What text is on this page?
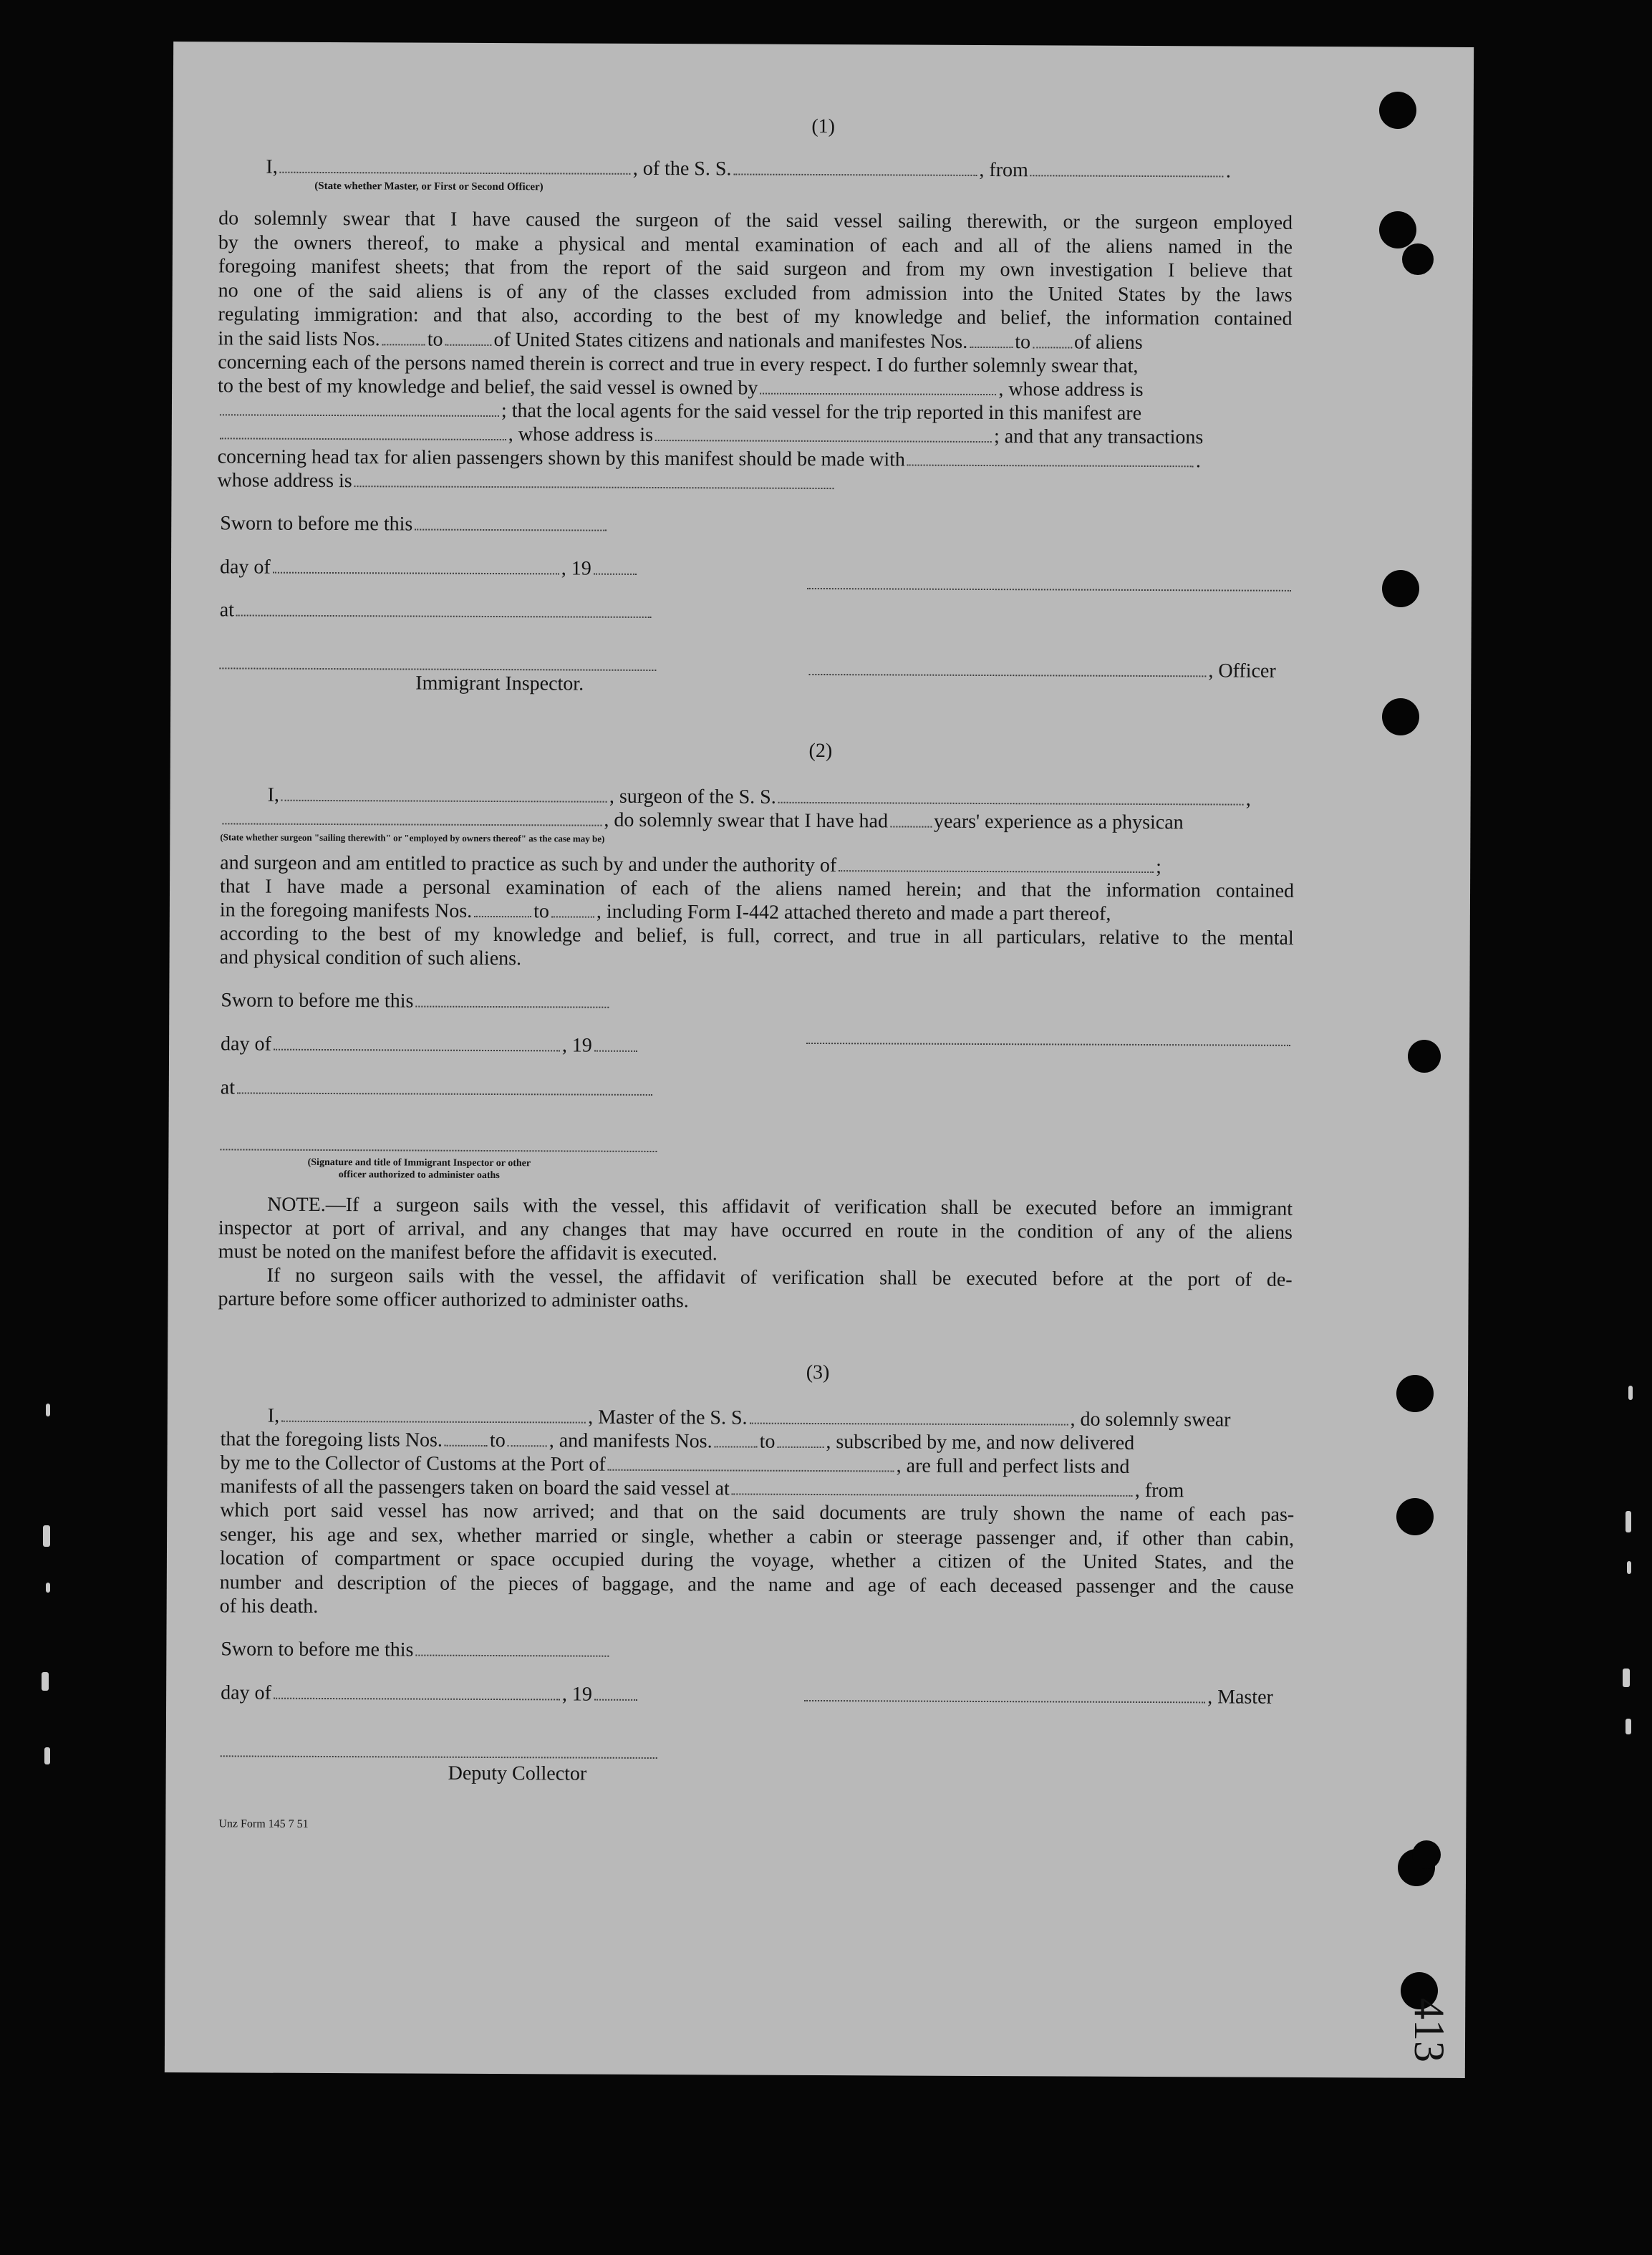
(1)
I,	, of the S. S.	, from	.
(State whether Master, or First or Second Officer)
do solemnly swear that I have caused the surgeon of the said vessel sailing therewith, or the surgeon employed
by the owners thereof, to make a physical and mental examination of each and all of the aliens named in the
foregoing manifest sheets; that from the report of the said surgeon and from my own investigation I believe that
no one of the said aliens is of any of the classes excluded from admission into the United States by the laws
regulating immigration: and that also, according to the best of my knowledge and belief, the information contained
in the said lists Nos. to	of United States citizens and nationals and manifestes Nos. to of aliens
concerning each of the persons named therein is correct and true in every respect. I do further solemnly swear that,
to the best of my knowledge and belief, the said vessel is owned by	, whose address is
; that the local agents for the said vessel for the trip reported in this manifest are
, whose address is	; and that any transactions
concerning head tax for alien passengers shown by this manifest should be made with	.
whose address is
Sworn to before me this
day of	, 19
at
, Officer
Immigrant Inspector.
(2)
I,	, surgeon of the S. S.	,
, do solemnly swear that I have had years' experience as a physican
(State whether surgeon "sailing therewith" or "employed by owners thereof" as the case may be)
and surgeon and am entitled to practice as such by and under the authority of	;
that I have made a personal examination of each of the aliens named herein; and that the information contained
in the foregoing manifests Nos.	to , including Form I-442 attached thereto and made a part thereof,
according to the best of my knowledge and belief, is full, correct, and true in all particulars, relative to the mental
and physical condition of such aliens.
Sworn to before me this
day of	, 19
at
(Signature and title of Immigrant Inspector or other
officer authorized to administer oaths
NOTE.—If a surgeon sails with the vessel, this affidavit of verification shall be executed before an immigrant
inspector at port of arrival, and any changes that may have occurred en route in the condition of any of the aliens
must be noted on the manifest before the affidavit is executed.
If no surgeon sails with the vessel, the affidavit of verification shall be executed before at the port of de-
parture before some officer authorized to administer oaths.
(3)
I,	, Master of the S. S.	, do solemnly swear
that the foregoing lists Nos. to , and manifests Nos. to	, subscribed by me, and now delivered
by me to the Collector of Customs at the Port of	, are full and perfect lists and
manifests of all the passengers taken on board the said vessel at	, from
which port said vessel has now arrived; and that on the said documents are truly shown the name of each pas-
senger, his age and sex, whether married or single, whether a cabin or steerage passenger and, if other than cabin,
location of compartment or space occupied during the voyage, whether a citizen of the United States, and the
number and description of the pieces of baggage, and the name and age of each deceased passenger and the cause
of his death.
Sworn to before me this
day of	, 19	, Master
Deputy Collector
Unz Form 145 7 51
413
